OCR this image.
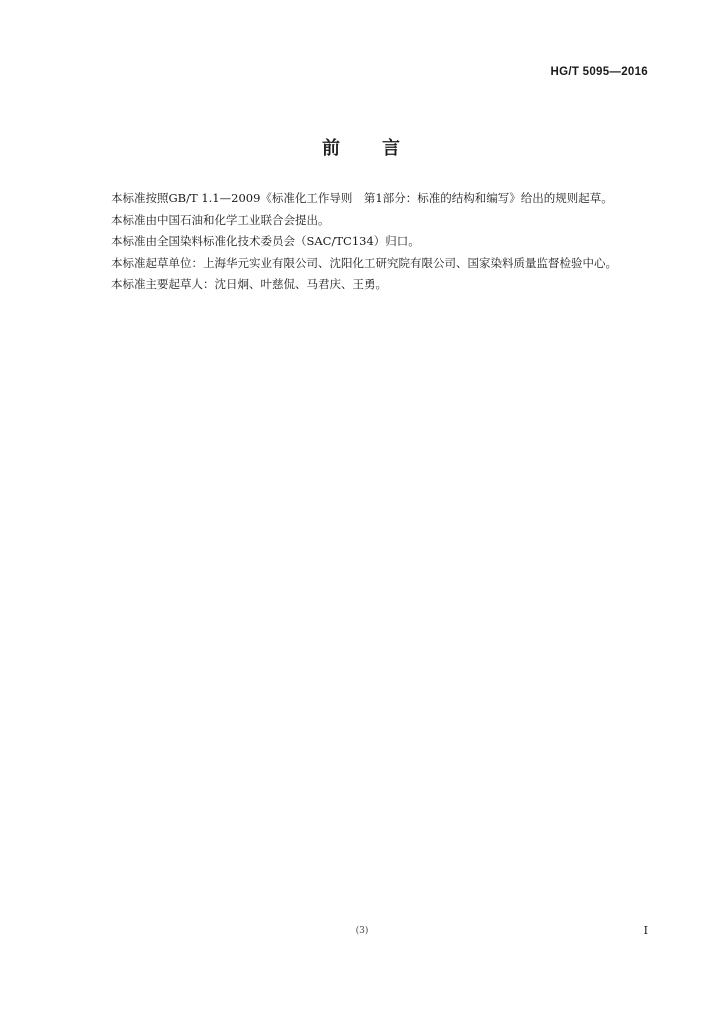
HG/T 5095—2016
前 言

本标准按照GB/T 1.1—2009《标准化工作导则　第1部分：标准的结构和编写》给出的规则起草。

本标准由中国石油和化学工业联合会提出。

本标准由全国染料标准化技术委员会（SAC/TC134）归口。

本标准起草单位：上海华元实业有限公司、沈阳化工研究院有限公司、国家染料质量监督检验中心。

本标准主要起草人：沈日炯、叶慈侃、马君庆、王勇。

(3)	I
